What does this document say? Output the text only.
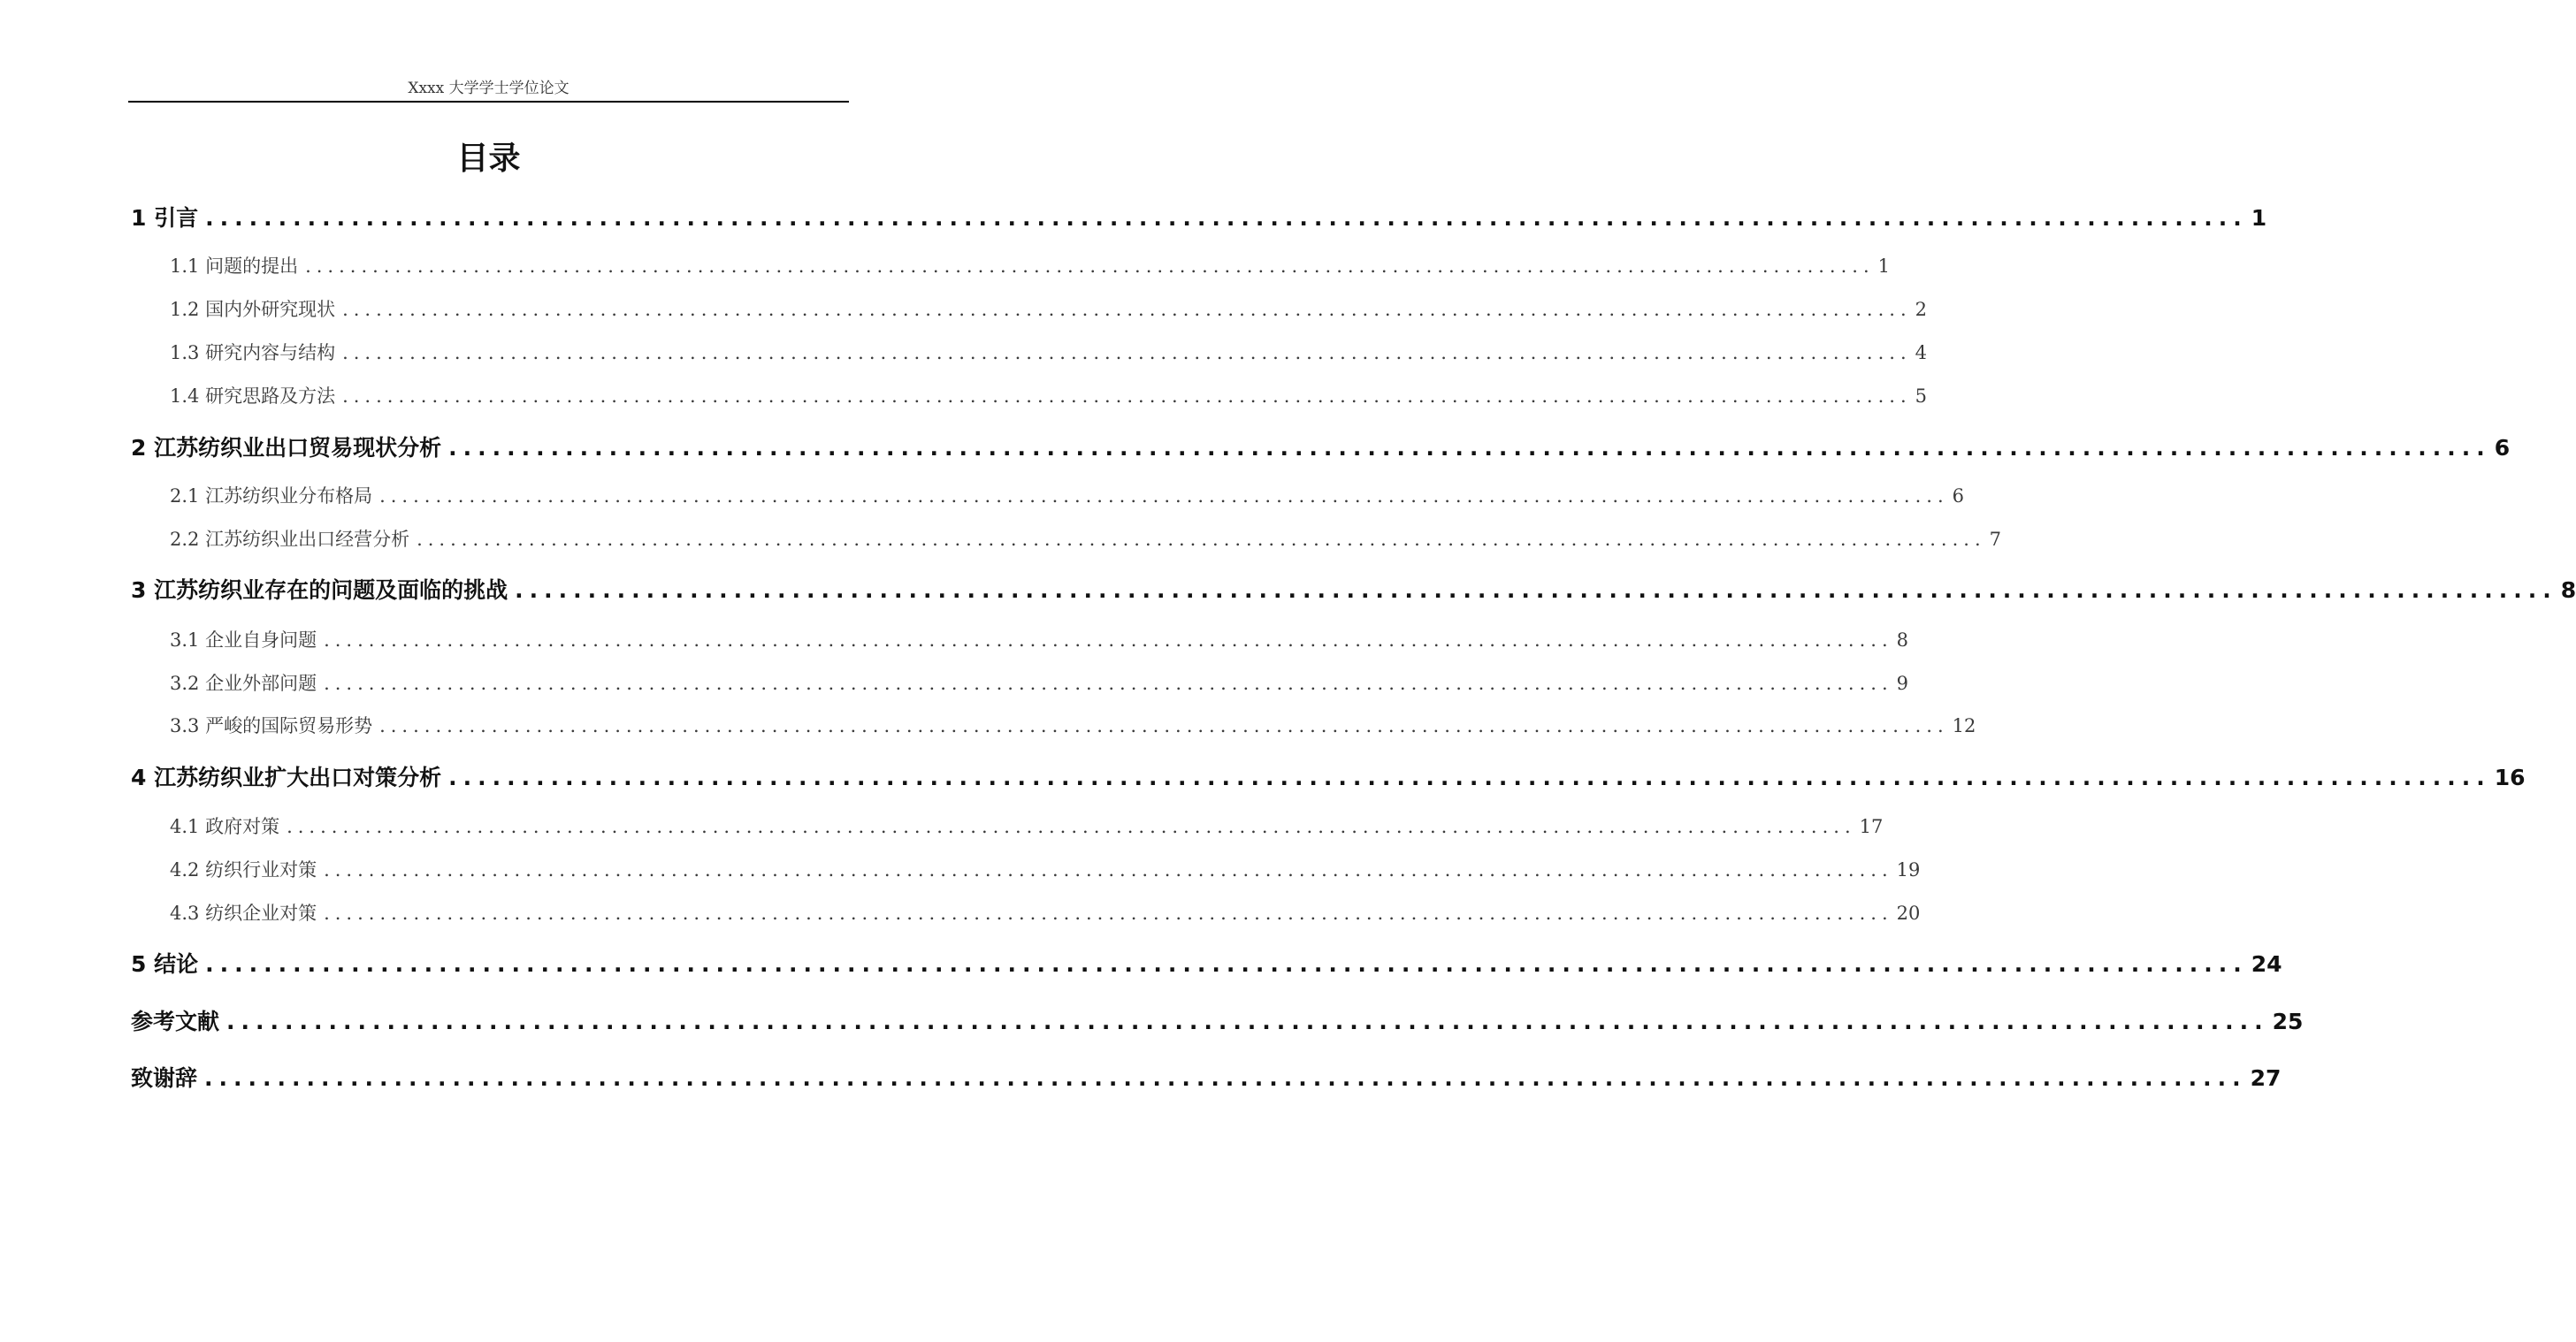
Xxxx 大学学士学位论文
目录
1 引言 ............................................................................................................................................ 1
1.1 问题的提出 ............................................................................................................................................ 1
1.2 国内外研究现状 ............................................................................................................................................ 2
1.3 研究内容与结构 ............................................................................................................................................ 4
1.4 研究思路及方法 ............................................................................................................................................ 5
2 江苏纺织业出口贸易现状分析 ............................................................................................................................................ 6
2.1 江苏纺织业分布格局 ............................................................................................................................................ 6
2.2 江苏纺织业出口经营分析 ............................................................................................................................................ 7
3 江苏纺织业存在的问题及面临的挑战 ............................................................................................................................................ 8
3.1 企业自身问题 ............................................................................................................................................ 8
3.2 企业外部问题 ............................................................................................................................................ 9
3.3 严峻的国际贸易形势 ............................................................................................................................................ 12
4 江苏纺织业扩大出口对策分析 ............................................................................................................................................ 16
4.1 政府对策 ............................................................................................................................................ 17
4.2 纺织行业对策 ............................................................................................................................................ 19
4.3 纺织企业对策 ............................................................................................................................................ 20
5 结论 ............................................................................................................................................ 24
参考文献 ............................................................................................................................................ 25
致谢辞 ............................................................................................................................................ 27
